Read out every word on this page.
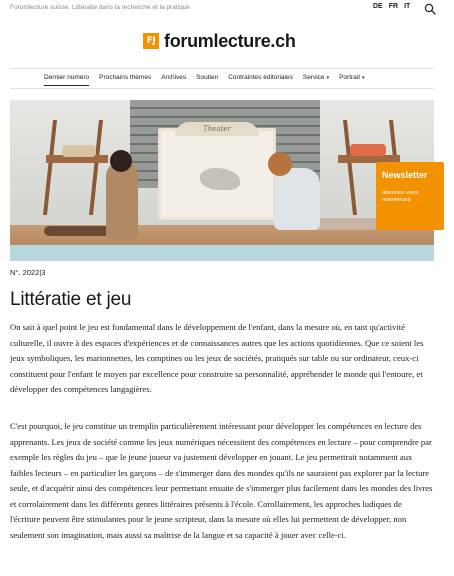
Forumlecture suisse. Littératie dans la recherche et la pratique	DE FR IT
FJ forumlecture.ch
Dernier numéro Prochains thèmes Archives Soutien Contraintes éditoriales Service ▾ Portrait ▾
Theater
Newsletter
abonnez-vous maintenant
N°. 2022|3
Littératie et jeu

On sait à quel point le jeu est fondamental dans le développement de l'enfant, dans la mesure où, en tant qu'activité culturelle, il ouvre à des espaces d'expériences et de connaissances autres que les actions quotidiennes. Que ce soient les jeux symboliques, les marionnettes, les comptines ou les jeux de sociétés, pratiqués sur table ou sur ordinateur, ceux-ci constituent pour l'enfant le moyen par excellence pour construire sa personnalité, appréhender le monde qui l'entoure, et développer des compétences langagières.

C'est pourquoi, le jeu constitue un tremplin particulièrement intéressant pour développer les compétences en lecture des apprenants. Les jeux de société comme les jeux numériques nécessitent des compétences en lecture – pour comprendre par exemple les règles du jeu – que le jeune joueur va justement développer en jouant. Le jeu permettrait notamment aux faibles lecteurs – en particulier les garçons – de s'immerger dans des mondes qu'ils ne sauraient pas explorer par la lecture seule, et d'acquérir ainsi des compétences leur permettant ensuite de s'immerger plus facilement dans les mondes des livres et corrolairement dans les différents genres littéraires présents à l'école. Corollairement, les approches ludiques de l'écriture peuvent être stimulantes pour le jeune scripteur, dans la mesure où elles lui permettent de développer, non seulement son imagination, mais aussi sa maîtrise de la langue et sa capacité à jouer avec celle-ci.
